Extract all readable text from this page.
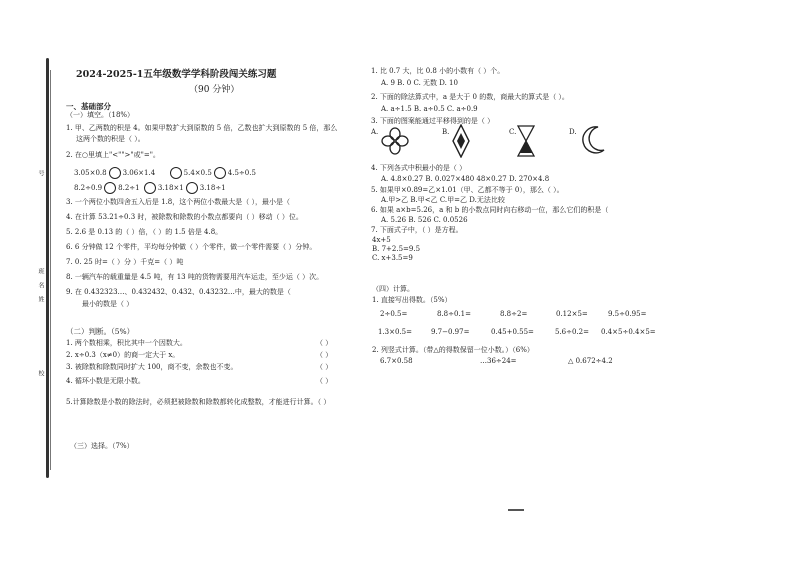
号
班
名
姓
校
2024-2025-1五年级数学学科阶段闯关练习题
（90 分钟）
一、基础部分
（一）填空。（18%）
1. 甲、乙两数的积是 4。如果甲数扩大到原数的 5 倍，乙数也扩大到原数的 5 倍，那么
这两个数的积是（ ）。
2. 在○里填上"<"">"或"="。
3.05×0.8 3.06×1.4	5.4×0.5 4.5÷0.5
8.2÷0.9 8.2÷1	3.18×1 3.18÷1
3. 一个两位小数四舍五入后是 1.8，这个两位小数最大是（ ），最小是（
4. 在计算 53.21÷0.3 时，被除数和除数的小数点都要向（ ）移动（ ）位。
5. 2.6 是 0.13 的（ ）倍，（ ）的 1.5 倍是 4.8。
6. 6 分钟做 12 个零件，平均每分钟做（ ）个零件，做一个零件需要（ ）分钟。
7. 0. 25 时=（ ）分 ）千克=（ ）吨
8. 一辆汽车的载重量是 4.5 吨，有 13 吨的货物需要用汽车运走，至少运（ ）次。
9. 在 0.432323…、0.432432、0.432、0.43232…中，最大的数是（
最小的数是（ ）
（二）判断。（5%）
1. 两个数相乘，积比其中一个因数大。	（ ）
2. x÷0.3（x≠0）的商一定大于 x。	（ ）
3. 被除数和除数同时扩大 100，商不变，余数也不变。	（ ）
4. 循环小数是无限小数。	（ ）
5.计算除数是小数的除法时，必须把被除数和除数都转化成整数，才能进行计算。（ ）
（三）选择。（7%）
1. 比 0.7 大，比 0.8 小的小数有（ ）个。
A. 9 B. 0 C. 无数 D. 10
2. 下面的除法算式中，a 是大于 0 的数，商最大的算式是（ ）。
A. a÷1.5 B. a÷0.5 C. a÷0.9
3. 下面的图案能通过平移得到的是（ ）
A.	B.	C.	D.
4. 下列各式中积最小的是（ ）
A. 4.8×0.27 B. 0.027×480 48×0.27 D. 270×4.8
5. 如果甲×0.89=乙×1.01（甲、乙都不等于 0），那么（ ）。
A.甲>乙 B.甲<乙 C.甲=乙 D.无法比较
6. 如果 a×b=5.26，a 和 b 的小数点同时向右移动一位，那么它们的积是（
A. 5.26 B. 526 C. 0.0526
7. 下面式子中，（ ）是方程。
4x+5
B. 7+2.5=9.5
C. x+3.5=9
（四）计算。
1. 直接写出得数。（5%）
2÷0.5=	8.8÷0.1=	8.8÷2=	0.12×5=	9.5÷0.95=
1.3×0.5=	9.7−0.97=	0.45+0.55=	5.6÷0.2= 0.4×5÷0.4×5=
2. 列竖式计算。（带△的得数保留一位小数。）（6%）
6.7×0.58	…36÷24=	△ 0.672÷4.2
